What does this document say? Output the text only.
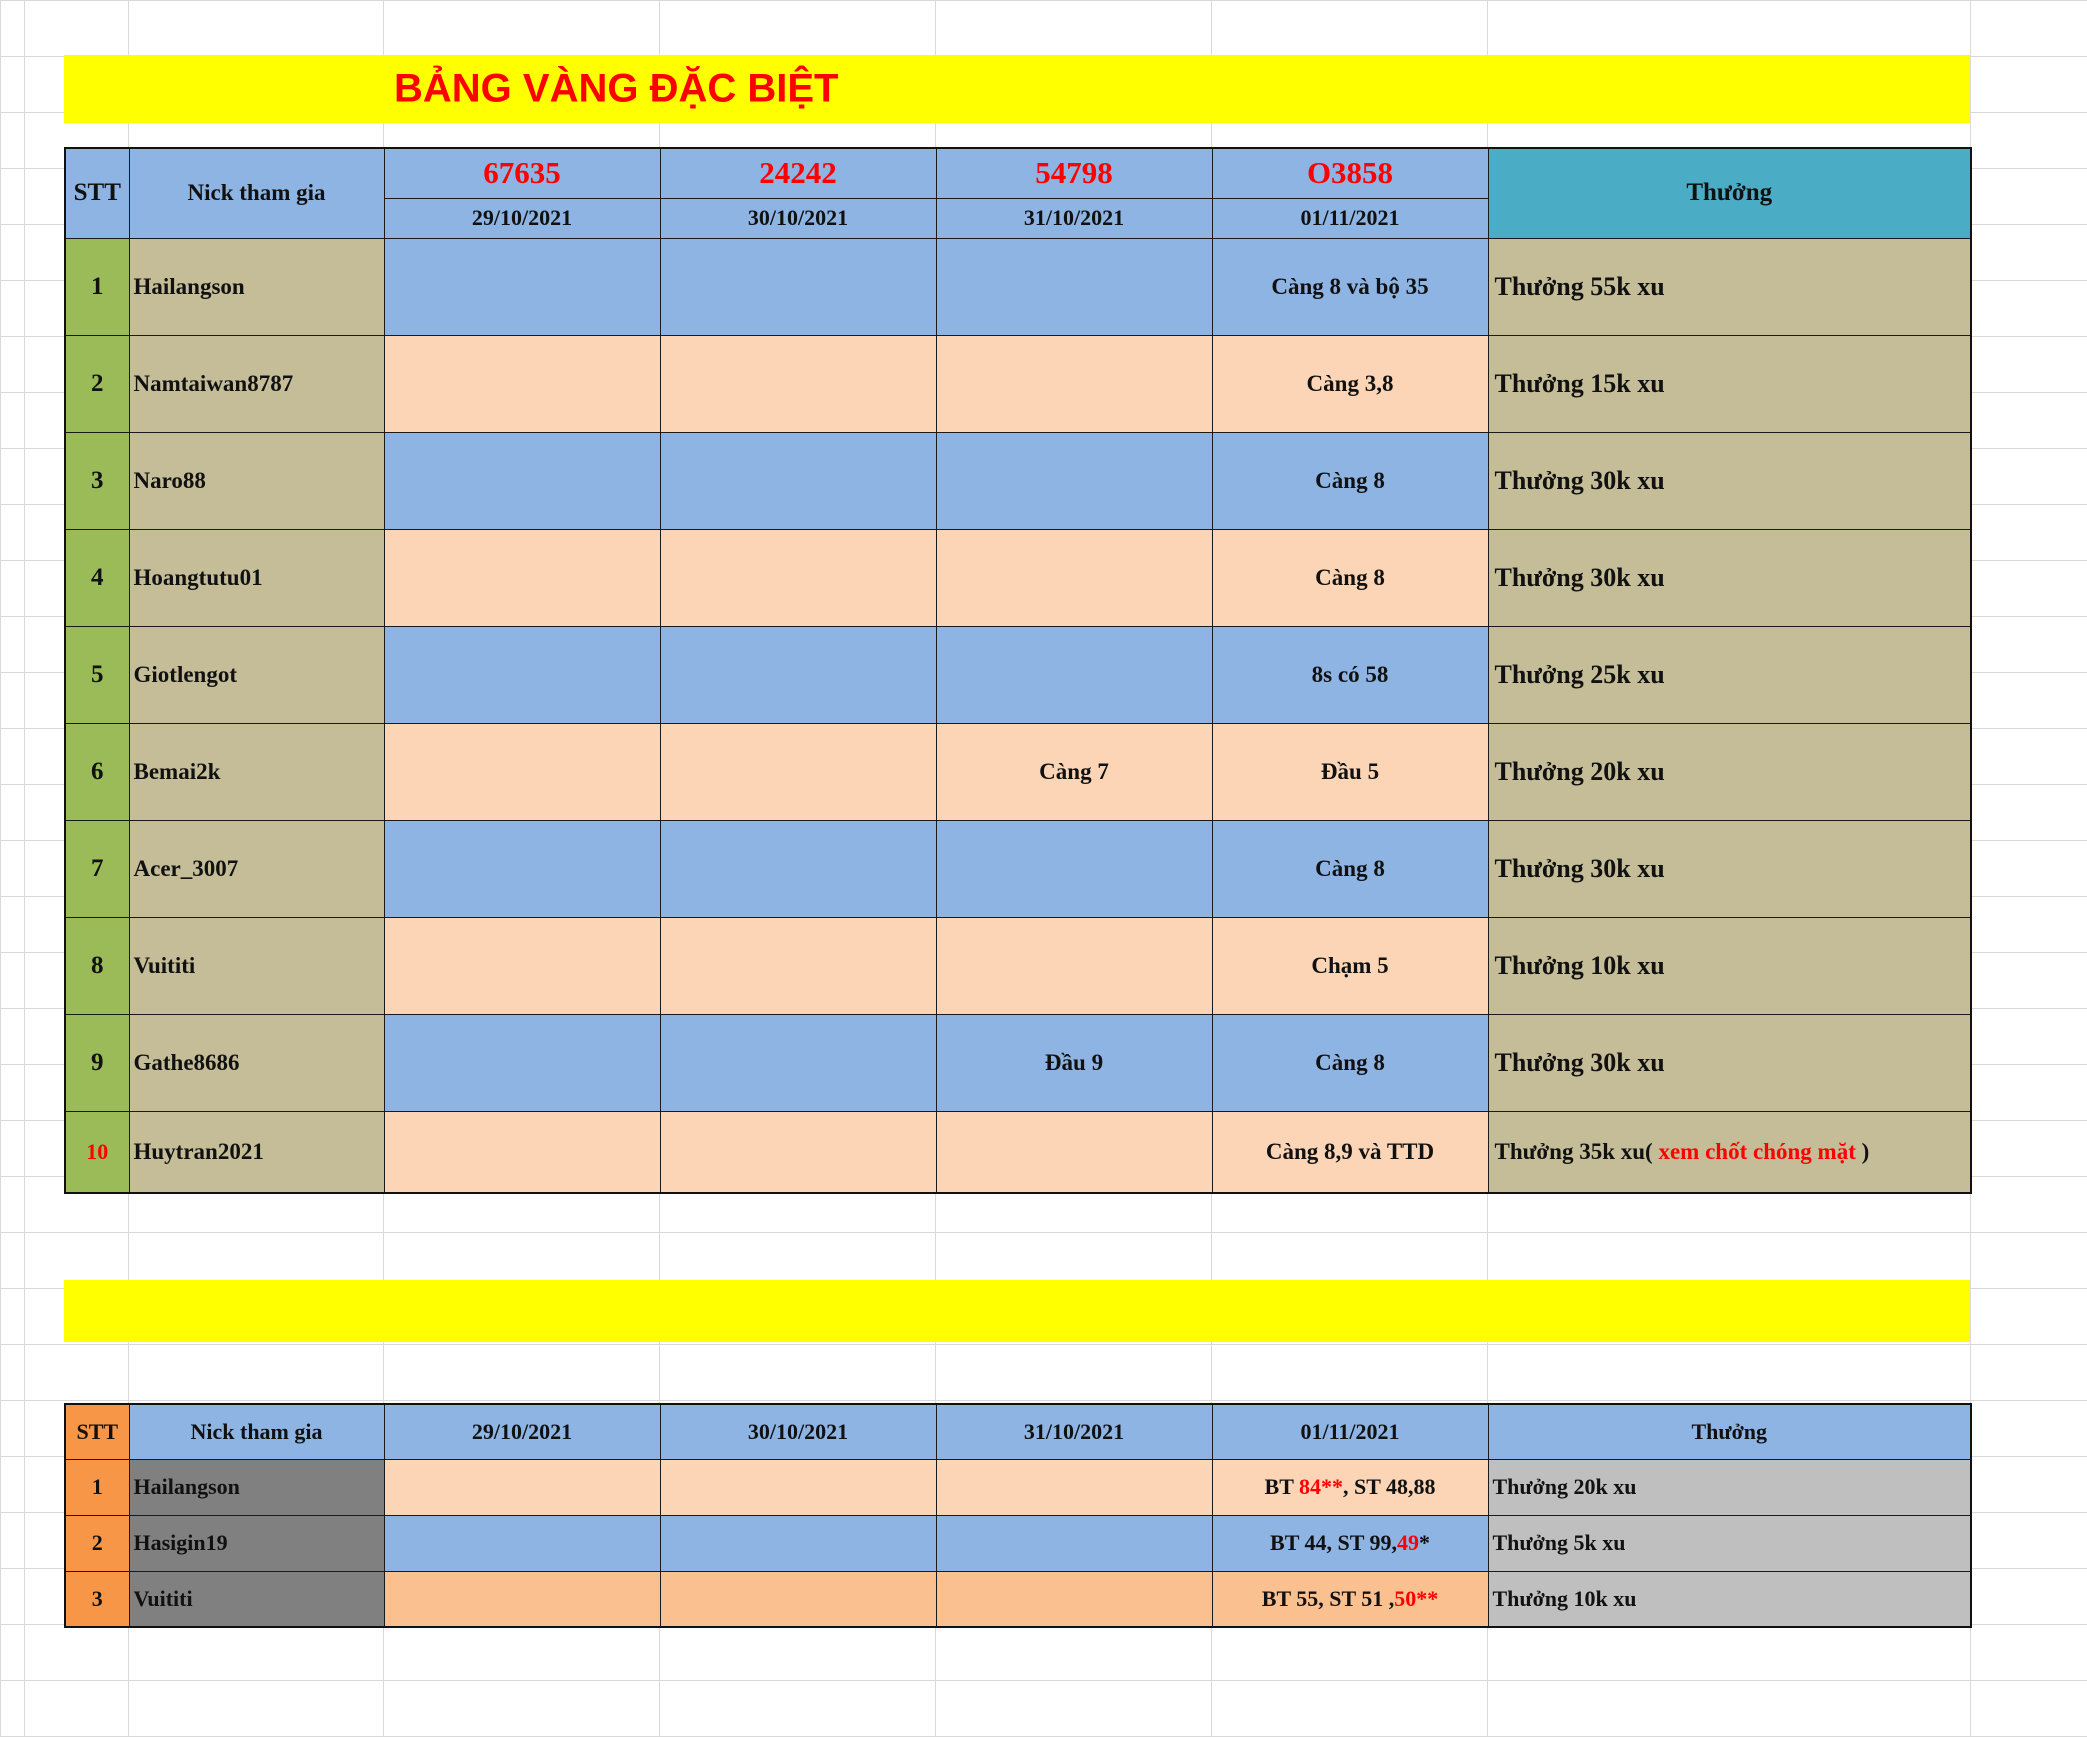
BẢNG VÀNG ĐẶC BIỆT
STT	Nick tham gia	67635	24242	54798	O3858	Thưởng
		29/10/2021	30/10/2021	31/10/2021	01/11/2021	
1	Hailangson				Càng 8 và bộ 35	Thưởng 55k xu
2	Namtaiwan8787				Càng 3,8	Thưởng 15k xu
3	Naro88				Càng 8	Thưởng 30k xu
4	Hoangtutu01				Càng 8	Thưởng 30k xu
5	Giotlengot				8s có 58	Thưởng 25k xu
6	Bemai2k			Càng 7	Đầu 5	Thưởng 20k xu
7	Acer_3007				Càng 8	Thưởng 30k xu
8	Vuititi				Chạm 5	Thưởng 10k xu
9	Gathe8686			Đầu 9	Càng 8	Thưởng 30k xu
10	Huytran2021				Càng 8,9 và TTD	Thưởng 35k xu( xem chốt chóng mặt )
STT	Nick tham gia	29/10/2021	30/10/2021	31/10/2021	01/11/2021	Thưởng
1	Hailangson				BT 84**, ST 48,88	Thưởng 20k xu
2	Hasigin19				BT 44, ST 99,49*	Thưởng 5k xu
3	Vuititi				BT 55, ST 51 ,50**	Thưởng 10k xu
